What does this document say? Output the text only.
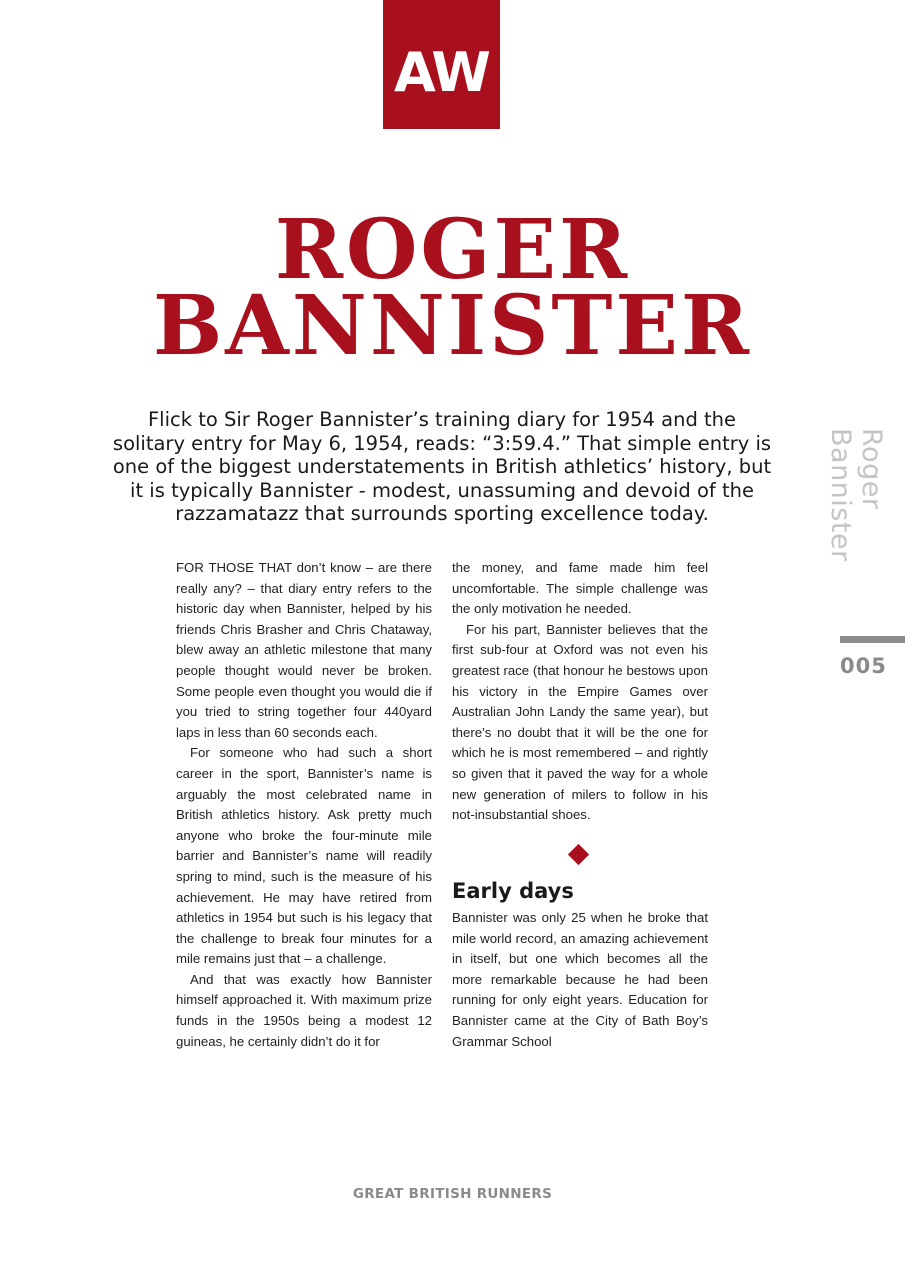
AW
ROGER
BANNISTER

Flick to Sir Roger Bannister’s training diary for 1954 and the solitary entry for May 6, 1954, reads: “3:59.4.” That simple entry is one of the biggest understatements in British athletics’ history, but it is typically Bannister - modest, unassuming and devoid of the razzamatazz that surrounds sporting excellence today.

FOR THOSE THAT don’t know – are there really any? – that diary entry refers to the historic day when Bannister, helped by his friends Chris Brasher and Chris Chataway, blew away an athletic milestone that many people thought would never be broken. Some people even thought you would die if you tried to string together four 440yard laps in less than 60 seconds each.

For someone who had such a short career in the sport, Bannister’s name is arguably the most celebrated name in British athletics history. Ask pretty much anyone who broke the four-minute mile barrier and Bannister’s name will readily spring to mind, such is the measure of his achievement. He may have retired from athletics in 1954 but such is his legacy that the challenge to break four minutes for a mile remains just that – a challenge.

And that was exactly how Bannister himself approached it. With maximum prize funds in the 1950s being a modest 12 guineas, he certainly didn’t do it for

the money, and fame made him feel uncomfortable. The simple challenge was the only motivation he needed.

For his part, Bannister believes that the first sub-four at Oxford was not even his greatest race (that honour he bestows upon his victory in the Empire Games over Australian John Landy the same year), but there’s no doubt that it will be the one for which he is most remembered – and rightly so given that it paved the way for a whole new generation of milers to follow in his not-insubstantial shoes.

Early days

Bannister was only 25 when he broke that mile world record, an amazing achievement in itself, but one which becomes all the more remarkable because he had been running for only eight years. Education for Bannister came at the City of Bath Boy’s Grammar School

Roger Bannister

005

GREAT BRITISH RUNNERS
